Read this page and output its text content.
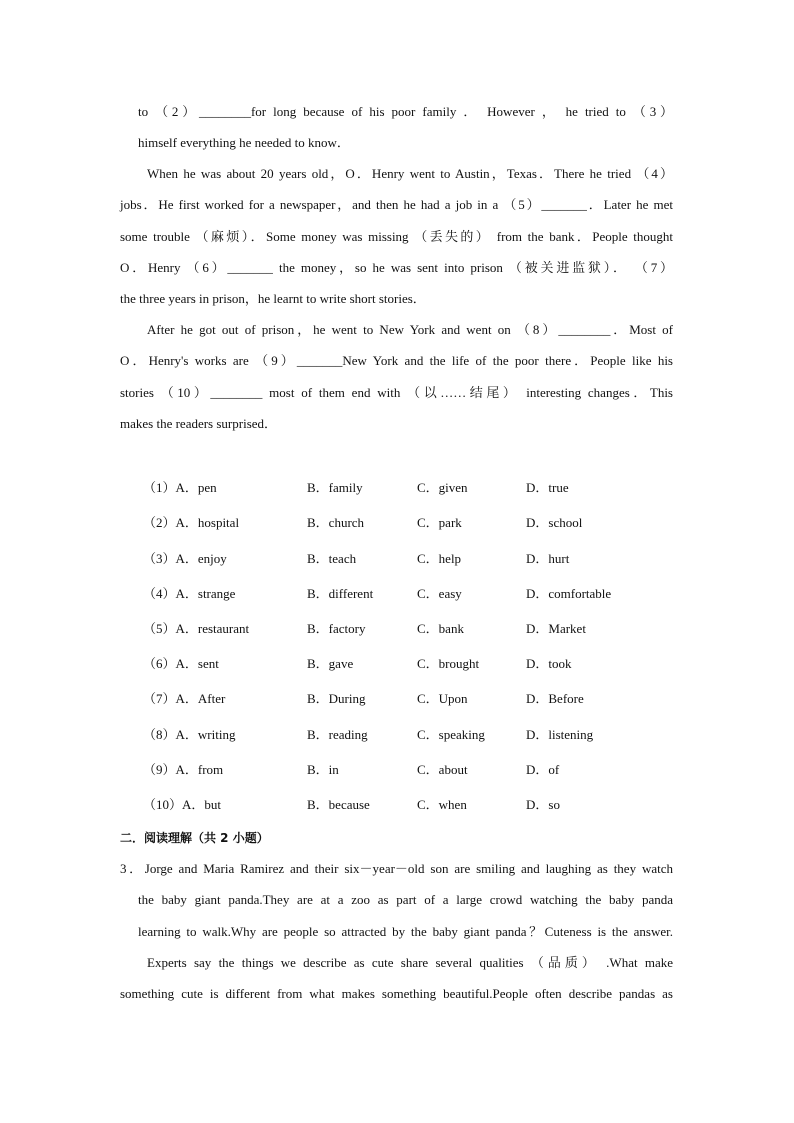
to （2）________for long because of his poor family ． However ， he tried to （3）
himself everything he needed to know．
When he was about 20 years old，O．Henry went to Austin，Texas．There he tried （4）
jobs．He first worked for a newspaper，and then he had a job in a （5）_______．Later he met
some trouble （麻烦）．Some money was missing （丢失的） from the bank．People thought
O．Henry （6）_______ the money，so he was sent into prison （被关进监狱）． （7）
the three years in prison，he learnt to write short stories．
After he got out of prison，he went to New York and went on （8）________．Most of
O．Henry's works are （9）_______New York and the life of the poor there．People like his
stories （10）________ most of them end with （以……结尾） interesting changes．This
makes the readers surprised．
（1）A．pen	B．family	C．given	D．true
（2）A．hospital	B．church	C．park	D．school
（3）A．enjoy	B．teach	C．help	D．hurt
（4）A．strange	B．different	C．easy	D．comfortable
（5）A．restaurant	B．factory	C．bank	D．Market
（6）A．sent	B．gave	C．brought	D．took
（7）A．After	B．During	C．Upon	D．Before
（8）A．writing	B．reading	C．speaking	D．listening
（9）A．from	B．in	C．about	D．of
（10）A．but	B．because	C．when	D．so
二．阅读理解（共 2 小题）
3．Jorge and Maria Ramirez and their six－year－old son are smiling and laughing as they watch
the baby giant panda.They are at a zoo as part of a large crowd watching the baby panda
learning to walk.Why are people so attracted by the baby giant panda？Cuteness is the answer.
Experts say the things we describe as cute share several qualities （品质） .What make
something cute is different from what makes something beautiful.People often describe pandas as
